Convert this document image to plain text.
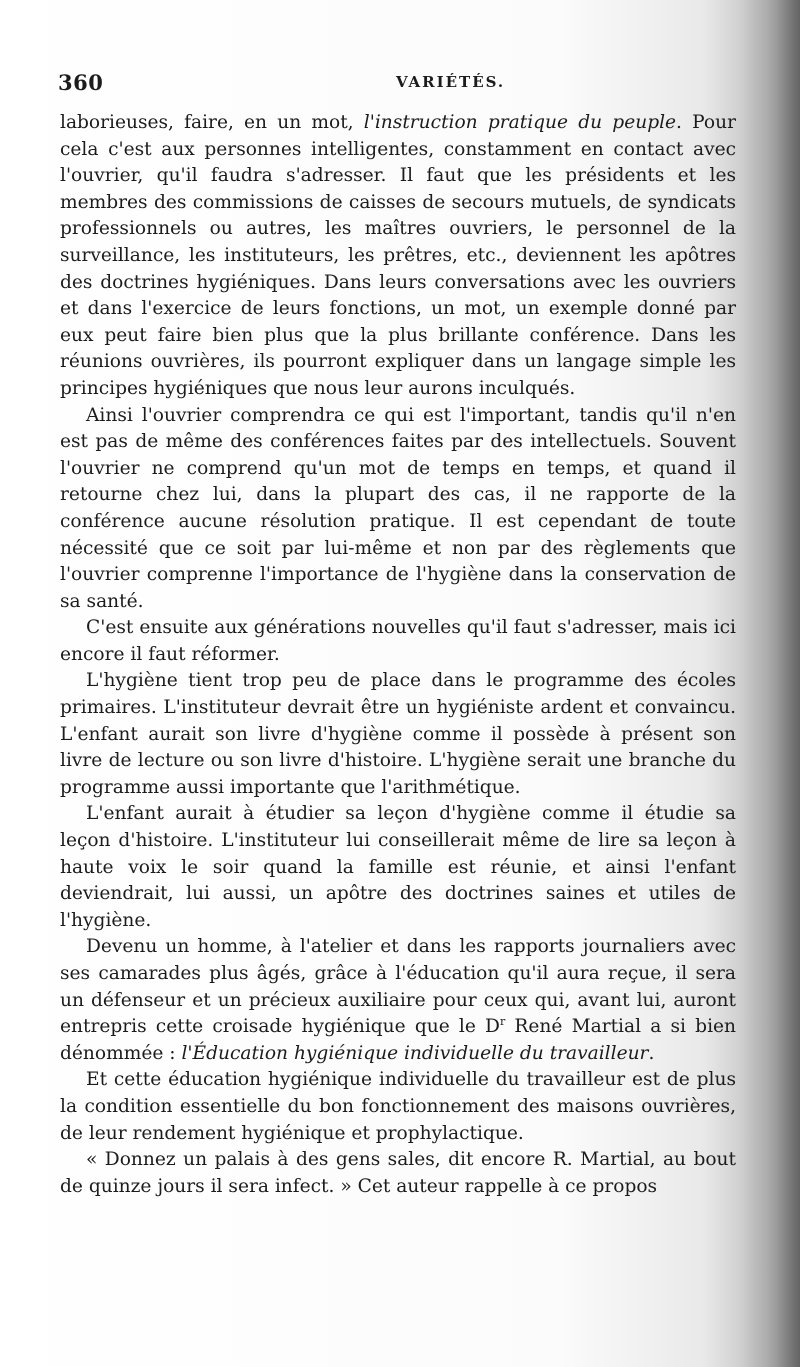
360	VARIÉTÉS.

laborieuses, faire, en un mot, l'instruction pratique du peuple. Pour cela c'est aux personnes intelligentes, constamment en contact avec l'ouvrier, qu'il faudra s'adresser. Il faut que les présidents et les membres des commissions de caisses de secours mutuels, de syndicats professionnels ou autres, les maîtres ouvriers, le personnel de la surveillance, les instituteurs, les prêtres, etc., deviennent les apôtres des doctrines hygiéniques. Dans leurs conversations avec les ouvriers et dans l'exercice de leurs fonctions, un mot, un exemple donné par eux peut faire bien plus que la plus brillante conférence. Dans les réunions ouvrières, ils pourront expliquer dans un langage simple les principes hygiéniques que nous leur aurons inculqués.

Ainsi l'ouvrier comprendra ce qui est l'important, tandis qu'il n'en est pas de même des conférences faites par des intellectuels. Souvent l'ouvrier ne comprend qu'un mot de temps en temps, et quand il retourne chez lui, dans la plupart des cas, il ne rapporte de la conférence aucune résolution pratique. Il est cependant de toute nécessité que ce soit par lui-même et non par des règlements que l'ouvrier comprenne l'importance de l'hygiène dans la conservation de sa santé.

C'est ensuite aux générations nouvelles qu'il faut s'adresser, mais ici encore il faut réformer.

L'hygiène tient trop peu de place dans le programme des écoles primaires. L'instituteur devrait être un hygiéniste ardent et convaincu. L'enfant aurait son livre d'hygiène comme il possède à présent son livre de lecture ou son livre d'histoire. L'hygiène serait une branche du programme aussi importante que l'arithmétique.

L'enfant aurait à étudier sa leçon d'hygiène comme il étudie sa leçon d'histoire. L'instituteur lui conseillerait même de lire sa leçon à haute voix le soir quand la famille est réunie, et ainsi l'enfant deviendrait, lui aussi, un apôtre des doctrines saines et utiles de l'hygiène.

Devenu un homme, à l'atelier et dans les rapports journaliers avec ses camarades plus âgés, grâce à l'éducation qu'il aura reçue, il sera un défenseur et un précieux auxiliaire pour ceux qui, avant lui, auront entrepris cette croisade hygiénique que le $D^r$ René Martial a si bien dénommée : l'Éducation hygiénique individuelle du travailleur.

Et cette éducation hygiénique individuelle du travailleur est de plus la condition essentielle du bon fonctionnement des maisons ouvrières, de leur rendement hygiénique et prophylactique.

« Donnez un palais à des gens sales, dit encore R. Martial, au bout de quinze jours il sera infect. » Cet auteur rappelle à ce propos
